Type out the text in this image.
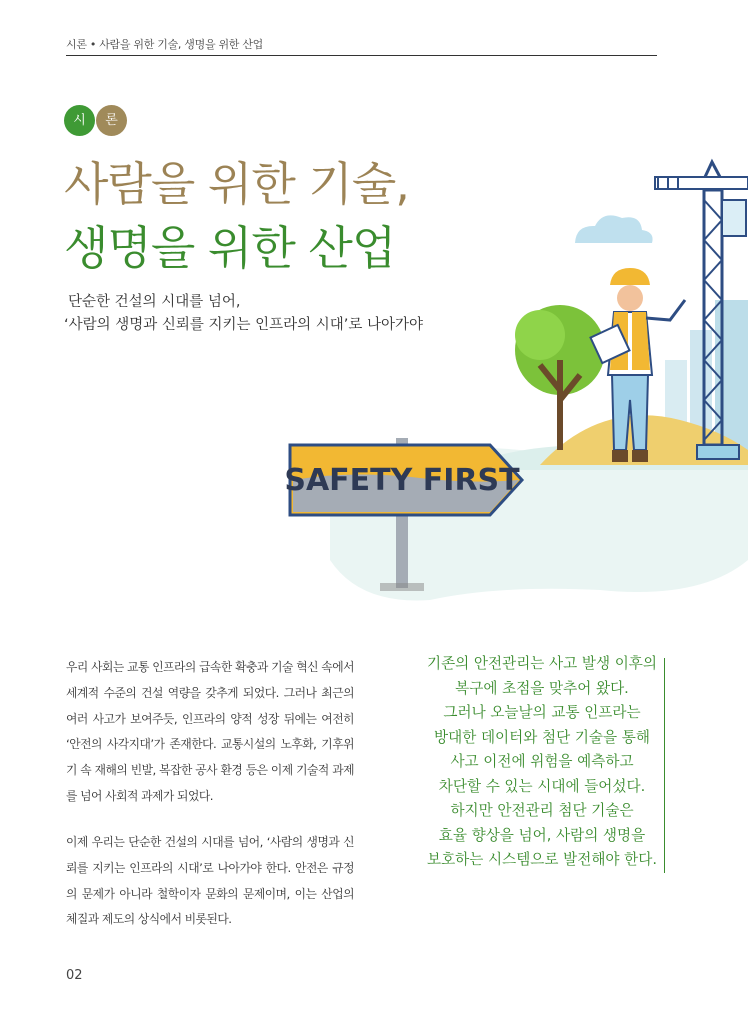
시론 • 사람을 위한 기술, 생명을 위한 산업
시	론
사람을 위한 기술,
생명을 위한 산업
단순한 건설의 시대를 넘어,
‘사람의 생명과 신뢰를 지키는 인프라의 시대’로 나아가야
SAFETY FIRST
우리 사회는 교통 인프라의 급속한 확충과 기술 혁신 속에서 세계적 수준의 건설 역량을 갖추게 되었다. 그러나 최근의 여러 사고가 보여주듯, 인프라의 양적 성장 뒤에는 여전히 ‘안전의 사각지대’가 존재한다. 교통시설의 노후화, 기후위기 속 재해의 빈발, 복잡한 공사 환경 등은 이제 기술적 과제를 넘어 사회적 과제가 되었다.
이제 우리는 단순한 건설의 시대를 넘어, ‘사람의 생명과 신뢰를 지키는 인프라의 시대’로 나아가야 한다. 안전은 규정의 문제가 아니라 철학이자 문화의 문제이며, 이는 산업의 체질과 제도의 상식에서 비롯된다.
기존의 안전관리는 사고 발생 이후의
복구에 초점을 맞추어 왔다.
그러나 오늘날의 교통 인프라는
방대한 데이터와 첨단 기술을 통해
사고 이전에 위험을 예측하고
차단할 수 있는 시대에 들어섰다.
하지만 안전관리 첨단 기술은
효율 향상을 넘어, 사람의 생명을
보호하는 시스템으로 발전해야 한다.
02
